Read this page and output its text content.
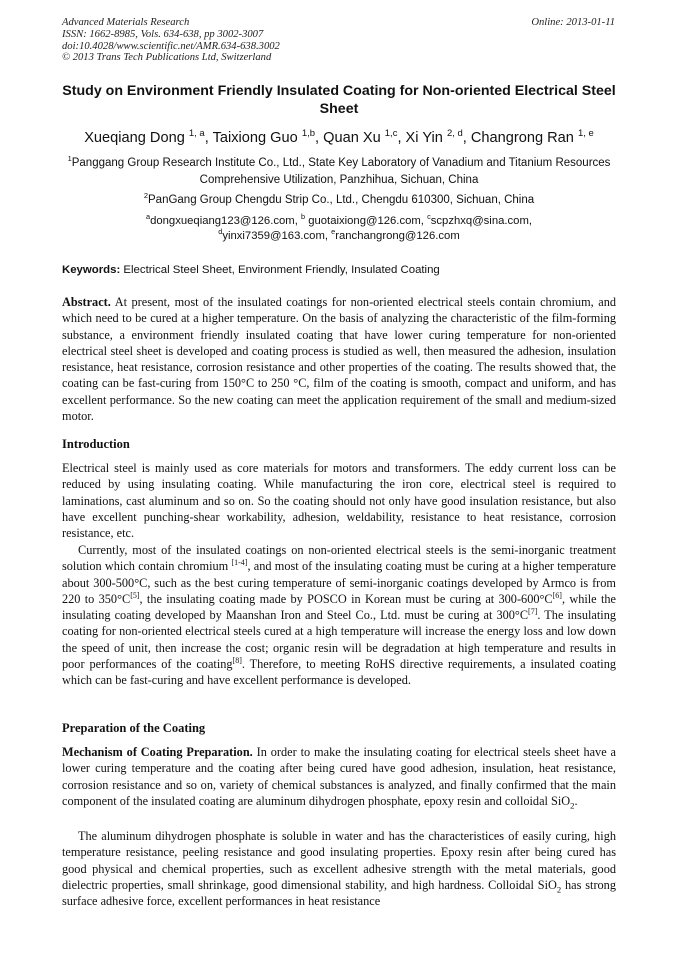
Advanced Materials Research
ISSN: 1662-8985, Vols. 634-638, pp 3002-3007
doi:10.4028/www.scientific.net/AMR.634-638.3002
© 2013 Trans Tech Publications Ltd, Switzerland
Online: 2013-01-11
Study on Environment Friendly Insulated Coating for Non-oriented Electrical Steel Sheet
Xueqiang Dong $^{1, a}$, Taixiong Guo $^{1,b}$, Quan Xu $^{1,c}$, Xi Yin $^{2, d}$, Changrong Ran $^{1, e}$
$^1$Panggang Group Research Institute Co., Ltd., State Key Laboratory of Vanadium and Titanium Resources Comprehensive Utilization, Panzhihua, Sichuan, China
$^2$PanGang Group Chengdu Strip Co., Ltd., Chengdu 610300, Sichuan, China
$^a$dongxueqiang123@126.com, $^b$ guotaixiong@126.com, $^c$scpzhxq@sina.com,
$^d$yinxi7359@163.com, $^e$ranchangrong@126.com
Keywords: Electrical Steel Sheet, Environment Friendly, Insulated Coating
Abstract. At present, most of the insulated coatings for non-oriented electrical steels contain chromium, and which need to be cured at a higher temperature. On the basis of analyzing the characteristic of the film-forming substance, a environment friendly insulated coating that have lower curing temperature for non-oriented electrical steel sheet is developed and coating process is studied as well, then measured the adhesion, insulation resistance, heat resistance, corrosion resistance and other properties of the coating. The results showed that, the coating can be fast-curing from 150°C to 250 °C, film of the coating is smooth, compact and uniform, and has excellent performance. So the new coating can meet the application requirement of the small and medium-sized motor.
Introduction
Electrical steel is mainly used as core materials for motors and transformers. The eddy current loss can be reduced by using insulating coating. While manufacturing the iron core, electrical steel is required to laminations, cast aluminum and so on. So the coating should not only have good insulation resistance, but also have excellent punching-shear workability, adhesion, weldability, resistance to heat resistance, corrosion resistance, etc.
Currently, most of the insulated coatings on non-oriented electrical steels is the semi-inorganic treatment solution which contain chromium [1-4], and most of the insulating coating must be curing at a higher temperature about 300-500°C, such as the best curing temperature of semi-inorganic coatings developed by Armco is from 220 to 350°C[5], the insulating coating made by POSCO in Korean must be curing at 300-600°C[6], while the insulating coating developed by Maanshan Iron and Steel Co., Ltd. must be curing at 300°C[7]. The insulating coating for non-oriented electrical steels cured at a high temperature will increase the energy loss and low down the speed of unit, then increase the cost; organic resin will be degradation at high temperature and results in poor performances of the coating[8]. Therefore, to meeting RoHS directive requirements, a insulated coating which can be fast-curing and have excellent performance is developed.
Preparation of the Coating
Mechanism of Coating Preparation. In order to make the insulating coating for electrical steels sheet have a lower curing temperature and the coating after being cured have good adhesion, insulation, heat resistance, corrosion resistance and so on, variety of chemical substances is analyzed, and finally confirmed that the main component of the insulated coating are aluminum dihydrogen phosphate, epoxy resin and colloidal SiO$_2$.
The aluminum dihydrogen phosphate is soluble in water and has the characteristices of easily curing, high temperature resistance, peeling resistance and good insulating properties. Epoxy resin after being cured has good physical and chemical properties, such as excellent adhesive strength with the metal materials, good dielectric properties, small shrinkage, good dimensional stability, and high hardness. Colloidal SiO$_2$ has strong surface adhesive force, excellent performances in heat resistance
